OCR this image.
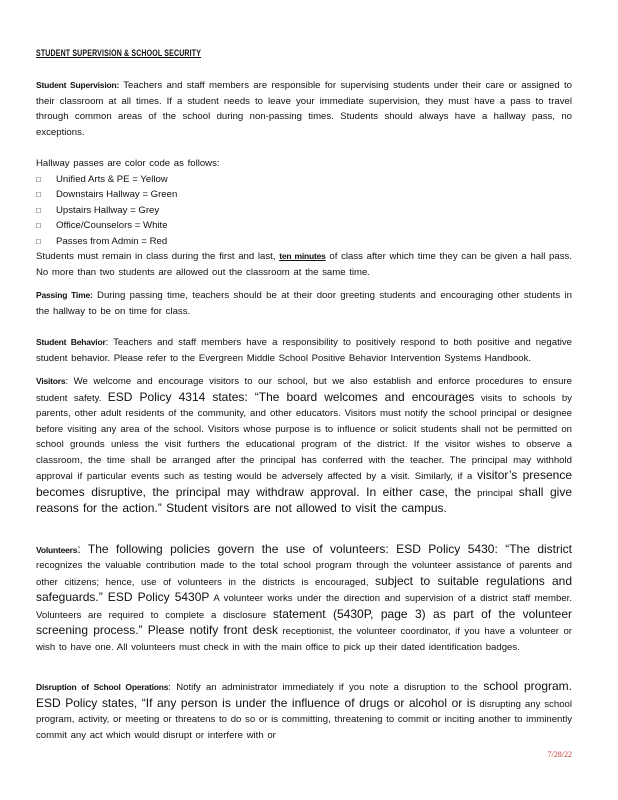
STUDENT SUPERVISION & SCHOOL SECURITY

Student Supervision: Teachers and staff members are responsible for supervising students under their care or assigned to their classroom at all times. If a student needs to leave your immediate supervision, they must have a pass to travel through common areas of the school during non-passing times. Students should always have a hallway pass, no exceptions.

Hallway passes are color code as follows:
□ Unified Arts & PE = Yellow
□ Downstairs Hallway = Green
□ Upstairs Hallway = Grey
□ Office/Counselors = White
□ Passes from Admin = Red

Students must remain in class during the first and last, ten minutes of class after which time they can be given a hall pass. No more than two students are allowed out the classroom at the same time.

Passing Time: During passing time, teachers should be at their door greeting students and encouraging other students in the hallway to be on time for class.

Student Behavior: Teachers and staff members have a responsibility to positively respond to both positive and negative student behavior. Please refer to the Evergreen Middle School Positive Behavior Intervention Systems Handbook.

Visitors: We welcome and encourage visitors to our school, but we also establish and enforce procedures to ensure student safety. ESD Policy 4314 states: “The board welcomes and encourages visits to schools by parents, other adult residents of the community, and other educators. Visitors must notify the school principal or designee before visiting any area of the school. Visitors whose purpose is to influence or solicit students shall not be permitted on school grounds unless the visit furthers the educational program of the district. If the visitor wishes to observe a classroom, the time shall be arranged after the principal has conferred with the teacher. The principal may withhold approval if particular events such as testing would be adversely affected by a visit. Similarly, if a visitor’s presence becomes disruptive, the principal may withdraw approval. In either case, the principal shall give reasons for the action.” Student visitors are not allowed to visit the campus.

Volunteers: The following policies govern the use of volunteers: ESD Policy 5430: “The district recognizes the valuable contribution made to the total school program through the volunteer assistance of parents and other citizens; hence, use of volunteers in the districts is encouraged, subject to suitable regulations and safeguards.” ESD Policy 5430P A volunteer works under the direction and supervision of a district staff member. Volunteers are required to complete a disclosure statement (5430P, page 3) as part of the volunteer screening process.” Please notify front desk receptionist, the volunteer coordinator, if you have a volunteer or wish to have one. All volunteers must check in with the main office to pick up their dated identification badges.

Disruption of School Operations: Notify an administrator immediately if you note a disruption to the school program. ESD Policy states, “If any person is under the influence of drugs or alcohol or is disrupting any school program, activity, or meeting or threatens to do so or is committing, threatening to commit or inciting another to imminently commit any act which would disrupt or interfere with or

7/28/22
